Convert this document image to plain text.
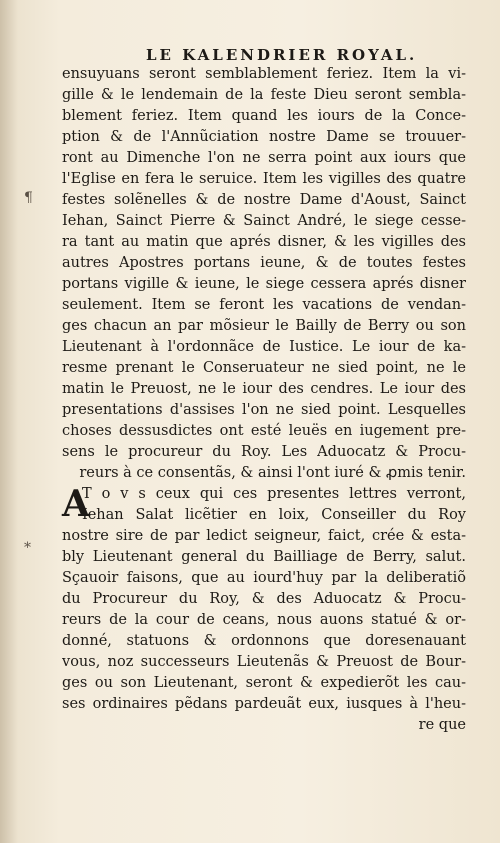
LE KALENDRIER ROYAL.
¶
*
ensuyuans seront semblablement feriez. Item la vi-
gille & le lendemain de la feste Dieu seront sembla-
blement feriez. Item quand les iours de la Conce-
ption & de l'Annũciation nostre Dame se trouuer-
ront au Dimenche l'on ne serra point aux iours que
l'Eglise en fera le seruice. Item les vigilles des quatre
festes solẽnelles & de nostre Dame d'Aoust, Sainct
Iehan, Sainct Pierre & Sainct André, le siege cesse-
ra tant au matin que aprés disner, & les vigilles des
autres Apostres portans ieune, & de toutes festes
portans vigille & ieune, le siege cessera aprés disner
seulement. Item se feront les vacations de vendan-
ges chacun an par mõsieur le Bailly de Berry ou son
Lieutenant à l'ordonnãce de Iustice. Le iour de ka-
resme prenant le Conseruateur ne sied point, ne le
matin le Preuost, ne le iour des cendres. Le iour des
presentations d'assises l'on ne sied point. Lesquelles
choses dessusdictes ont esté leuës en iugement pre-
sens le procureur du Roy. Les Aduocatz & Procu-
reurs à ce consentãs, & ainsi l'ont iuré & ꝓmis tenir.
A
T o v s ceux qui ces presentes lettres verront,
Iehan Salat licẽtier en loix, Conseiller du Roy
nostre sire de par ledict seigneur, faict, crée & esta-
bly Lieutenant general du Bailliage de Berry, salut.
Sçauoir faisons, que au iourd'huy par la deliberatiõ
du Procureur du Roy, & des Aduocatz & Procu-
reurs de la cour de ceans, nous auons statué & or-
donné, statuons & ordonnons que doresenauant
vous, noz successeurs Lieutenãs & Preuost de Bour-
ges ou son Lieutenant, seront & expedierõt les cau-
ses ordinaires pẽdans pardeuãt eux, iusques à l'heu-
re que
